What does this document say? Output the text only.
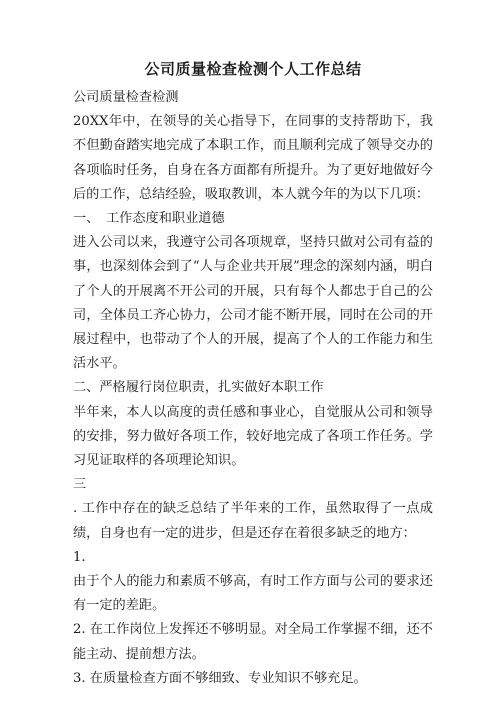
公司质量检查检测个人工作总结

公司质量检查检测

20XX年中，在领导的关心指导下，在同事的支持帮助下，我不但勤奋踏实地完成了本职工作，而且顺利完成了领导交办的各项临时任务，自身在各方面都有所提升。为了更好地做好今后的工作，总结经验，吸取教训，本人就今年的为以下几项：

一、　工作态度和职业道德

进入公司以来，我遵守公司各项规章，坚持只做对公司有益的事，也深刻体会到了“人与企业共开展”理念的深刻内涵，明白了个人的开展离不开公司的开展，只有每个人都忠于自己的公司，全体员工齐心协力，公司才能不断开展，同时在公司的开展过程中，也带动了个人的开展，提高了个人的工作能力和生活水平。

二、严格履行岗位职责，扎实做好本职工作

半年来，本人以高度的责任感和事业心，自觉服从公司和领导的安排，努力做好各项工作，较好地完成了各项工作任务。学习见证取样的各项理论知识。

三

. 工作中存在的缺乏总结了半年来的工作，虽然取得了一点成绩，自身也有一定的进步，但是还存在着很多缺乏的地方：

1.

由于个人的能力和素质不够高，有时工作方面与公司的要求还有一定的差距。

2. 在工作岗位上发挥还不够明显。对全局工作掌握不细，还不能主动、提前想方法。

3. 在质量检查方面不够细致、专业知识不够充足。
